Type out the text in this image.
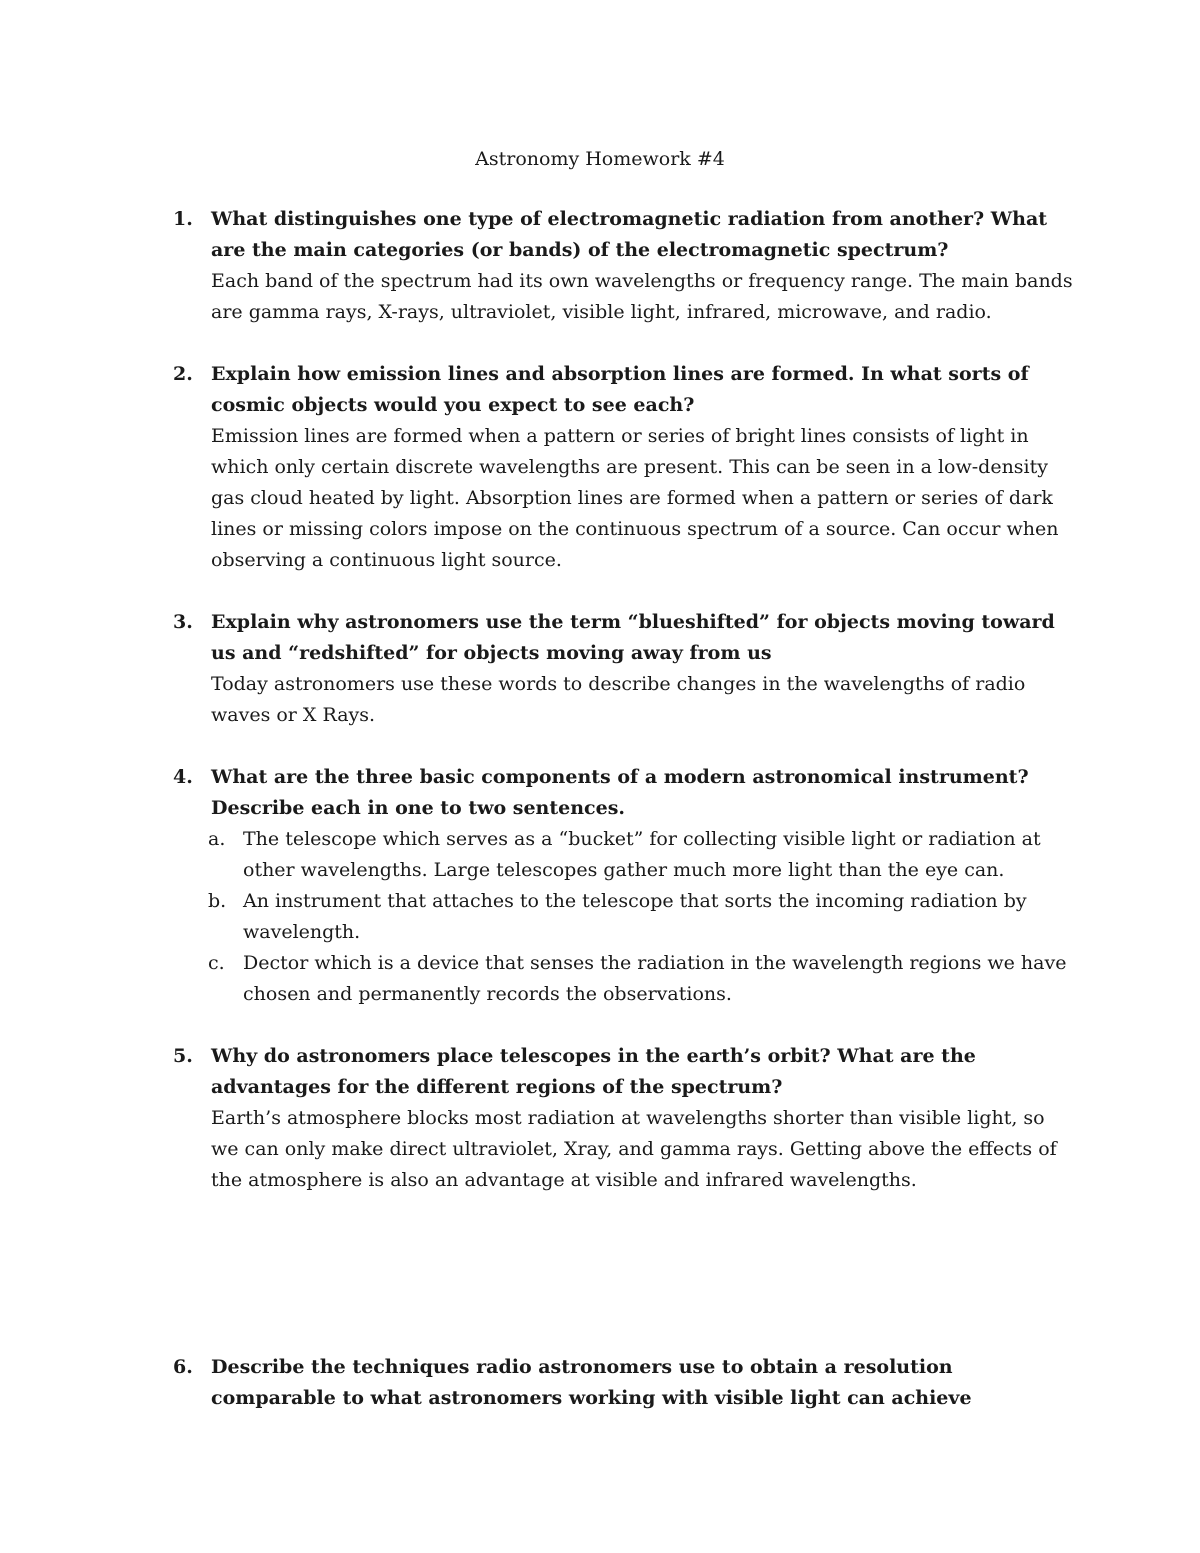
Astronomy Homework #4
1. What distinguishes one type of electromagnetic radiation from another? What are the main categories (or bands) of the electromagnetic spectrum?
Each band of the spectrum had its own wavelengths or frequency range. The main bands are gamma rays, X-rays, ultraviolet, visible light, infrared, microwave, and radio.
2. Explain how emission lines and absorption lines are formed. In what sorts of cosmic objects would you expect to see each?
Emission lines are formed when a pattern or series of bright lines consists of light in which only certain discrete wavelengths are present. This can be seen in a low-density gas cloud heated by light. Absorption lines are formed when a pattern or series of dark lines or missing colors impose on the continuous spectrum of a source. Can occur when observing a continuous light source.
3. Explain why astronomers use the term “blueshifted” for objects moving toward us and “redshifted” for objects moving away from us
Today astronomers use these words to describe changes in the wavelengths of radio waves or X Rays.
4. What are the three basic components of a modern astronomical instrument? Describe each in one to two sentences.
a. The telescope which serves as a “bucket” for collecting visible light or radiation at other wavelengths. Large telescopes gather much more light than the eye can.
b. An instrument that attaches to the telescope that sorts the incoming radiation by wavelength.
c. Dector which is a device that senses the radiation in the wavelength regions we have chosen and permanently records the observations.
5. Why do astronomers place telescopes in the earth’s orbit? What are the advantages for the different regions of the spectrum?
Earth’s atmosphere blocks most radiation at wavelengths shorter than visible light, so we can only make direct ultraviolet, Xray, and gamma rays. Getting above the effects of the atmosphere is also an advantage at visible and infrared wavelengths.
6. Describe the techniques radio astronomers use to obtain a resolution comparable to what astronomers working with visible light can achieve
